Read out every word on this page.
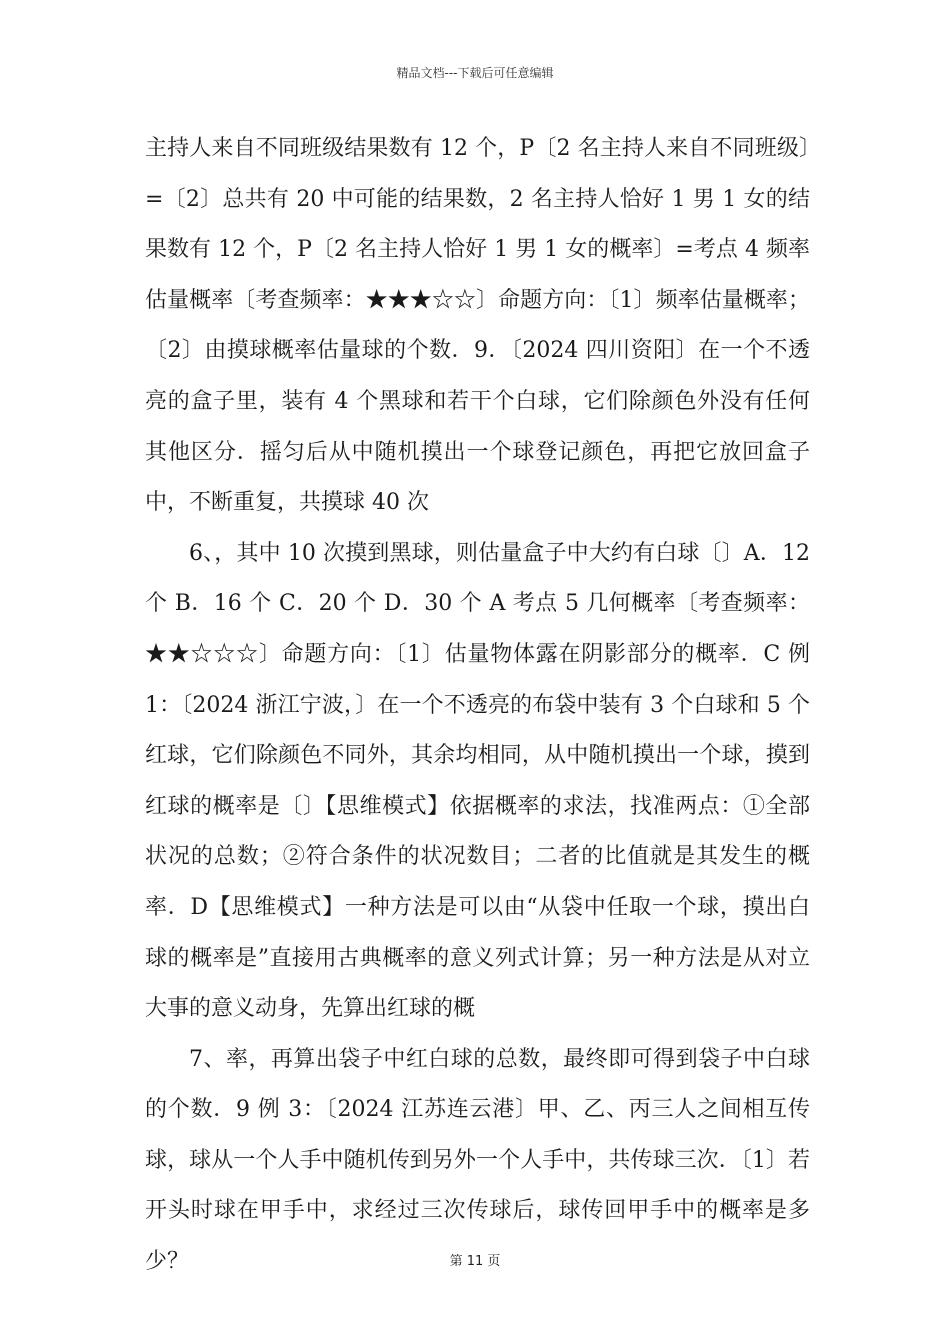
精品文档---下载后可任意编辑

主持人来自不同班级结果数有 12 个，P〔2 名主持人来自不同班级〕=〔2〕总共有 20 中可能的结果数，2 名主持人恰好 1 男 1 女的结果数有 12 个，P〔2 名主持人恰好 1 男 1 女的概率〕=考点 4 频率估量概率〔考查频率：★★★☆☆〕命题方向：〔1〕频率估量概率；〔2〕由摸球概率估量球的个数．9．〔2024 四川资阳〕在一个不透亮的盒子里，装有 4 个黑球和若干个白球，它们除颜色外没有任何其他区分．摇匀后从中随机摸出一个球登记颜色，再把它放回盒子中，不断重复，共摸球 40 次

6、，其中 10 次摸到黑球，则估量盒子中大约有白球〔〕A．12 个 B．16 个 C．20 个 D．30 个 A 考点 5 几何概率〔考查频率：★★☆☆☆〕命题方向：〔1〕估量物体露在阴影部分的概率．C 例 1：〔2024 浙江宁波，〕在一个不透亮的布袋中装有 3 个白球和 5 个红球，它们除颜色不同外，其余均相同，从中随机摸出一个球，摸到红球的概率是〔〕【思维模式】依据概率的求法，找准两点：①全部状况的总数；②符合条件的状况数目；二者的比值就是其发生的概率．D【思维模式】一种方法是可以由“从袋中任取一个球，摸出白球的概率是”直接用古典概率的意义列式计算；另一种方法是从对立大事的意义动身，先算出红球的概

7、率，再算出袋子中红白球的总数，最终即可得到袋子中白球的个数．9 例 3：〔2024 江苏连云港〕甲、乙、丙三人之间相互传球，球从一个人手中随机传到另外一个人手中，共传球三次．〔1〕若开头时球在甲手中，求经过三次传球后，球传回甲手中的概率是多少？	第 11 页
